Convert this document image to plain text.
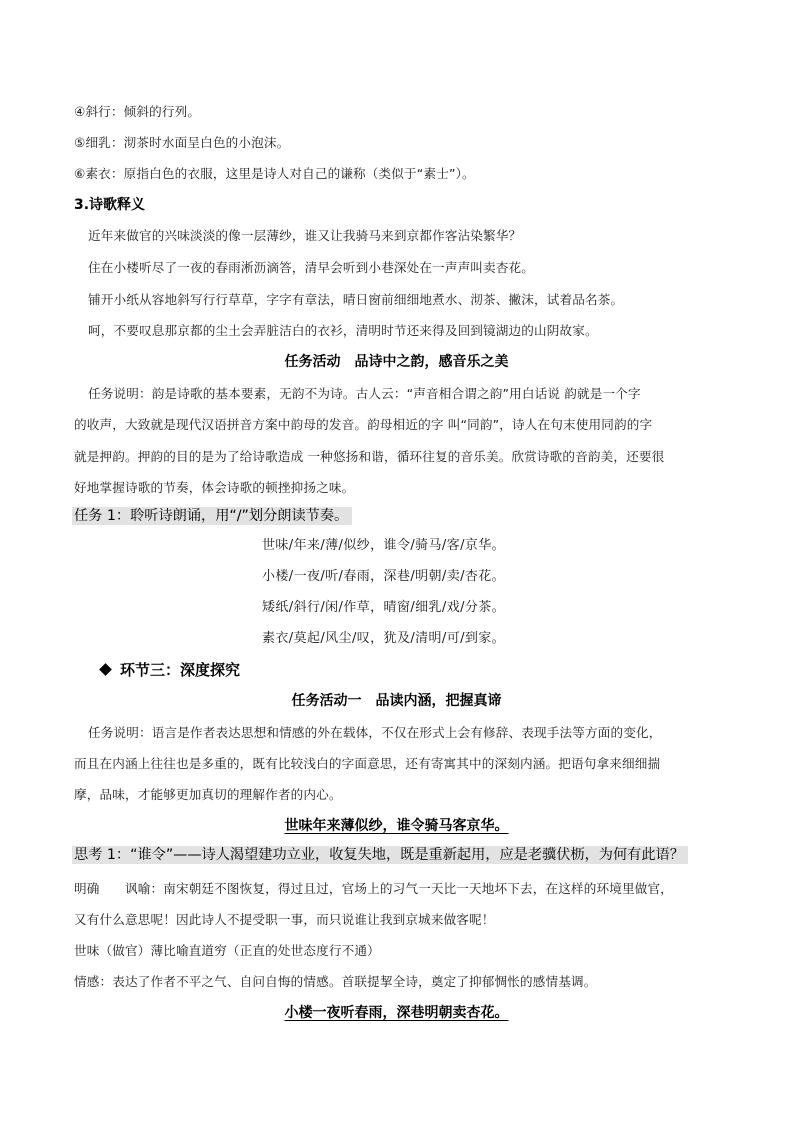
④斜行：倾斜的行列。
⑤细乳：沏茶时水面呈白色的小泡沫。
⑥素衣：原指白色的衣服，这里是诗人对自己的谦称（类似于“素士”）。
3.诗歌释义
近年来做官的兴味淡淡的像一层薄纱，谁又让我骑马来到京都作客沾染繁华？
住在小楼听尽了一夜的春雨淅沥滴答，清早会听到小巷深处在一声声叫卖杏花。
铺开小纸从容地斜写行行草草，字字有章法，晴日窗前细细地煮水、沏茶、撇沫，试着品名茶。
呵，不要叹息那京都的尘土会弄脏洁白的衣衫，清明时节还来得及回到镜湖边的山阴故家。
任务活动　品诗中之韵，感音乐之美
任务说明：韵是诗歌的基本要素，无韵不为诗。古人云：“声音相合谓之韵”用白话说 韵就是一个字
的收声，大致就是现代汉语拼音方案中韵母的发音。韵母相近的字 叫“同韵”，诗人在句末使用同韵的字
就是押韵。押韵的目的是为了给诗歌造成 一种悠扬和谐，循环往复的音乐美。欣赏诗歌的音韵美，还要很
好地掌握诗歌的节奏，体会诗歌的顿挫抑扬之味。
任务 1：聆听诗朗诵，用“/”划分朗读节奏。
世味/年来/薄/似纱，谁令/骑马/客/京华。
小楼/一夜/听/春雨，深巷/明朝/卖/杏花。
矮纸/斜行/闲/作草，晴窗/细乳/戏/分茶。
素衣/莫起/风尘/叹，犹及/清明/可/到家。
环节三：深度探究
任务活动一　品读内涵，把握真谛
任务说明：语言是作者表达思想和情感的外在载体，不仅在形式上会有修辞、表现手法等方面的变化，
而且在内涵上往往也是多重的，既有比较浅白的字面意思，还有寄寓其中的深刻内涵。把语句拿来细细揣
摩，品味，才能够更加真切的理解作者的内心。
世味年来薄似纱，谁令骑马客京华。
思考 1：“谁令”——诗人渴望建功立业，收复失地，既是重新起用，应是老骥伏枥，为何有此语？
明确　　讽喻：南宋朝廷不图恢复，得过且过，官场上的习气一天比一天地坏下去，在这样的环境里做官，
又有什么意思呢！因此诗人不提受职一事，而只说谁让我到京城来做客呢！
世味（做官）薄比喻直道穷（正直的处世态度行不通）
情感：表达了作者不平之气、自问自悔的情感。首联提挈全诗，奠定了抑郁惆怅的感情基调。
小楼一夜听春雨，深巷明朝卖杏花。
